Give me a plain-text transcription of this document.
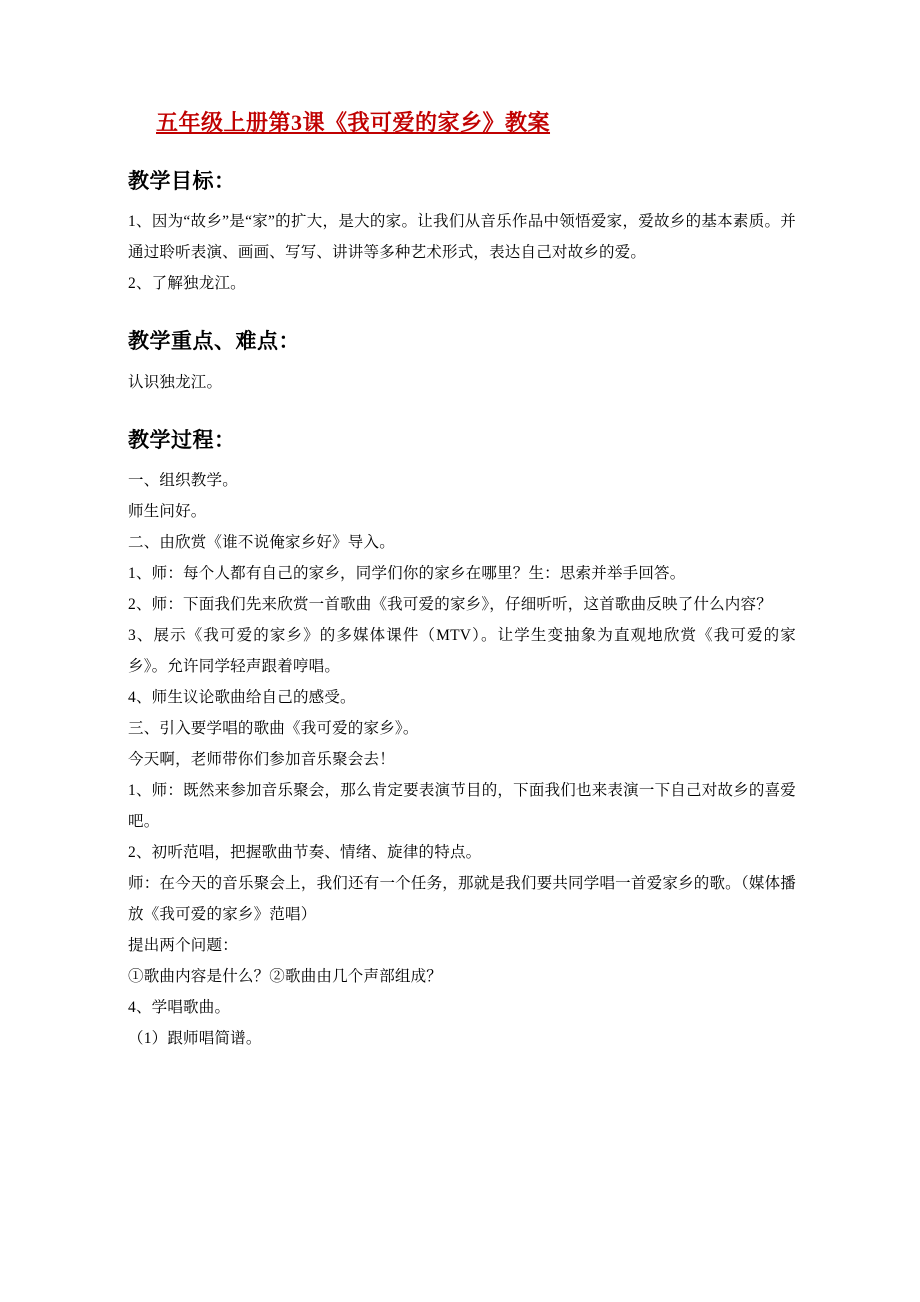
五年级上册第3课《我可爱的家乡》教案
教学目标：

1、因为“故乡”是“家”的扩大，是大的家。让我们从音乐作品中领悟爱家，爱故乡的基本素质。并通过聆听表演、画画、写写、讲讲等多种艺术形式，表达自己对故乡的爱。

2、了解独龙江。

教学重点、难点：

认识独龙江。

教学过程：

一、组织教学。

师生问好。

二、由欣赏《谁不说俺家乡好》导入。

1、师：每个人都有自己的家乡，同学们你的家乡在哪里？生：思索并举手回答。

2、师：下面我们先来欣赏一首歌曲《我可爱的家乡》，仔细听听，这首歌曲反映了什么内容？

3、展示《我可爱的家乡》的多媒体课件（MTV）。让学生变抽象为直观地欣赏《我可爱的家乡》。允许同学轻声跟着哼唱。

4、师生议论歌曲给自己的感受。

三、引入要学唱的歌曲《我可爱的家乡》。

今天啊，老师带你们参加音乐聚会去！

1、师：既然来参加音乐聚会，那么肯定要表演节目的，下面我们也来表演一下自己对故乡的喜爱吧。

2、初听范唱，把握歌曲节奏、情绪、旋律的特点。

师：在今天的音乐聚会上，我们还有一个任务，那就是我们要共同学唱一首爱家乡的歌。（媒体播放《我可爱的家乡》范唱）

提出两个问题：

①歌曲内容是什么？②歌曲由几个声部组成？

4、学唱歌曲。

（1）跟师唱简谱。
